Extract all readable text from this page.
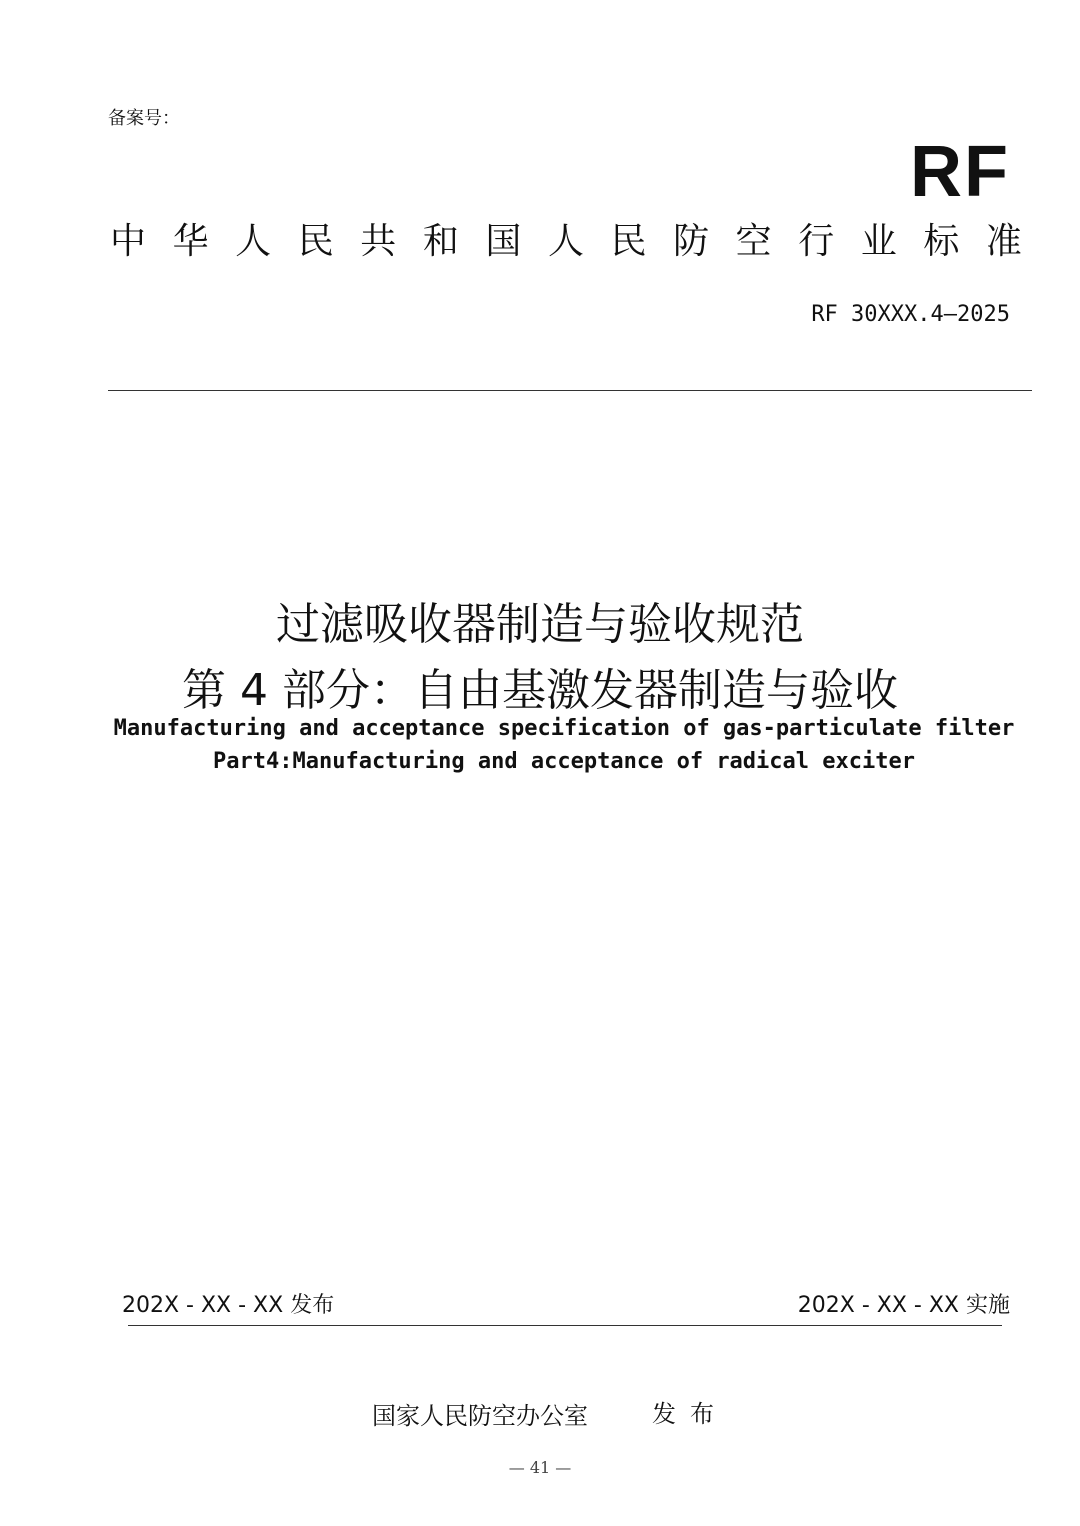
备案号：
RF
中 华 人 民 共 和 国 人 民 防 空 行 业 标 准
RF 30XXX.4—2025
过滤吸收器制造与验收规范
第 4 部分：自由基激发器制造与验收
Manufacturing and acceptance specification of gas-particulate filter
Part4:Manufacturing and acceptance of radical exciter
202X - XX - XX 发布	202X - XX - XX 实施
国家人民防空办公室	发布
— 41 —
